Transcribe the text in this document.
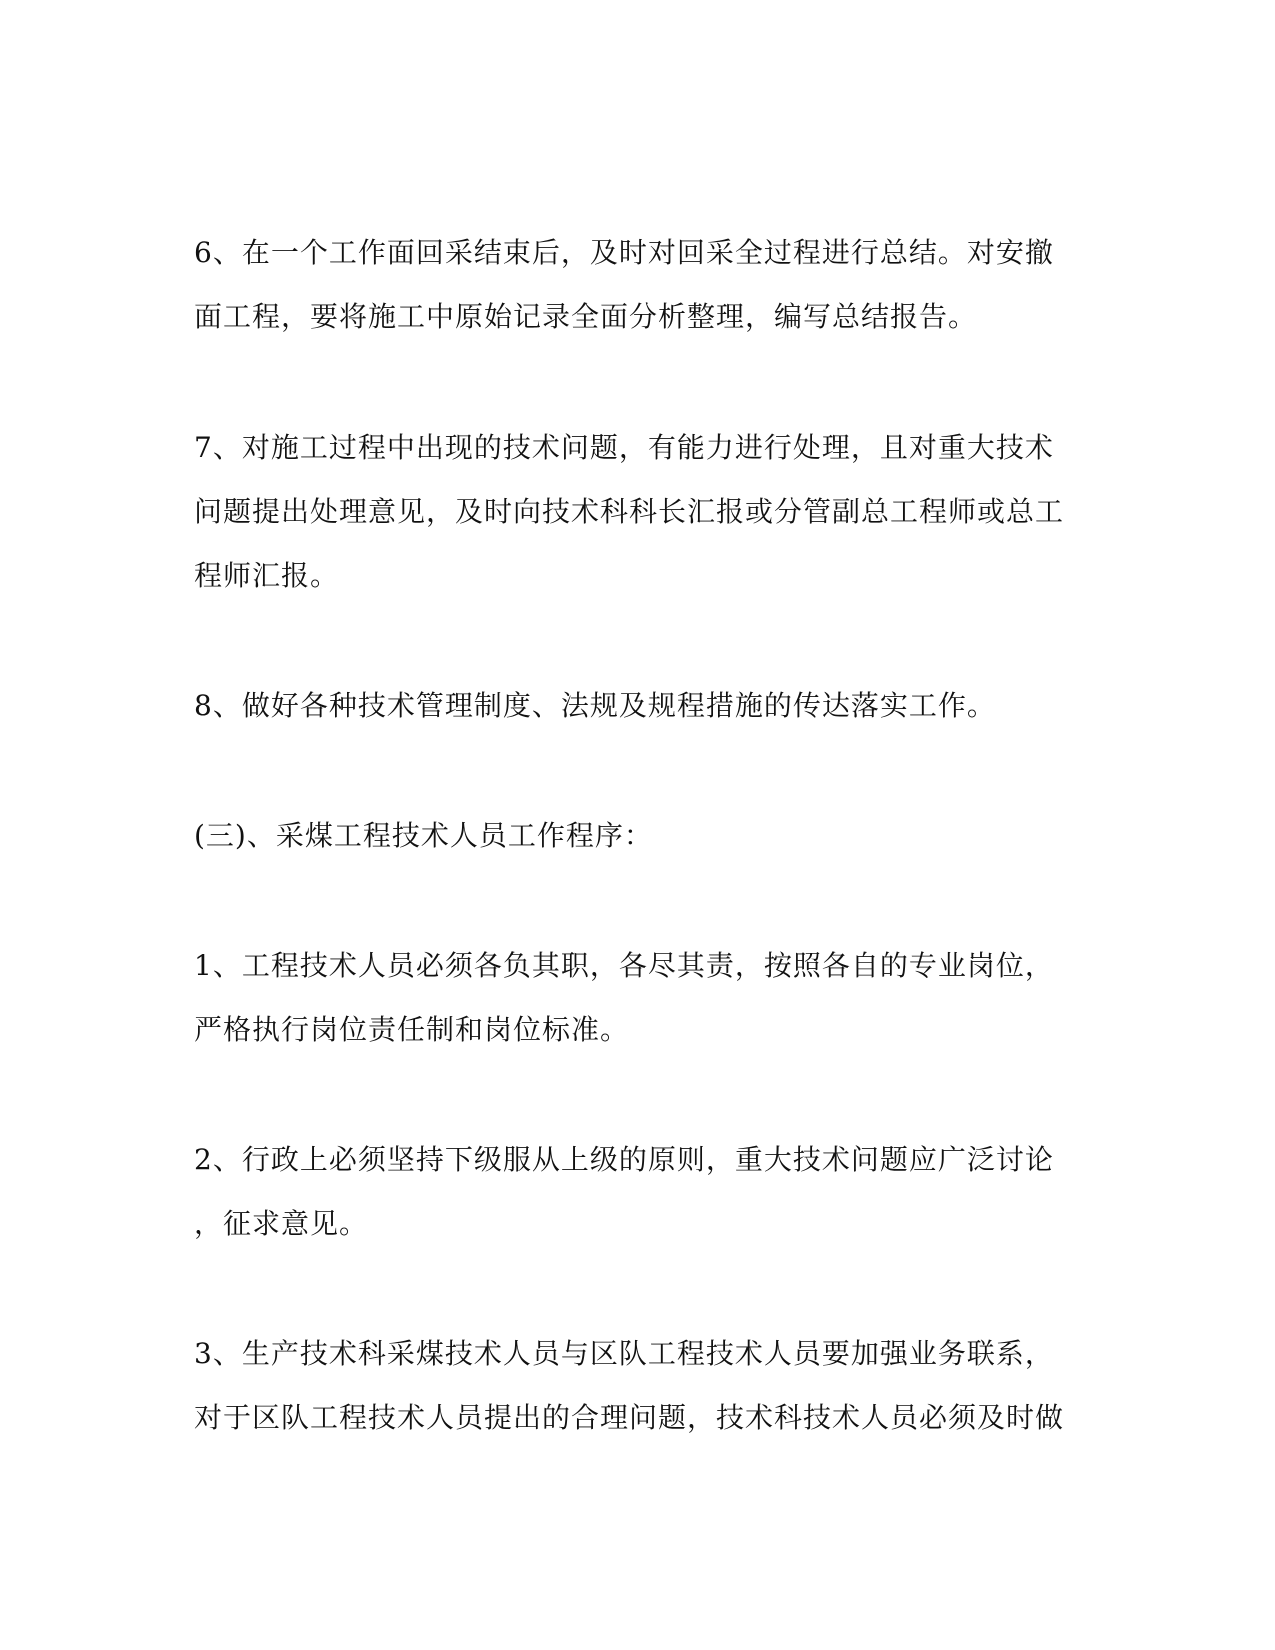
6、在一个工作面回采结束后，及时对回采全过程进行总结。对安撤
面工程，要将施工中原始记录全面分析整理，编写总结报告。
7、对施工过程中出现的技术问题，有能力进行处理，且对重大技术
问题提出处理意见，及时向技术科科长汇报或分管副总工程师或总工
程师汇报。
8、做好各种技术管理制度、法规及规程措施的传达落实工作。
(三)、采煤工程技术人员工作程序：
1、工程技术人员必须各负其职，各尽其责，按照各自的专业岗位，
严格执行岗位责任制和岗位标准。
2、行政上必须坚持下级服从上级的原则，重大技术问题应广泛讨论
，征求意见。
3、生产技术科采煤技术人员与区队工程技术人员要加强业务联系，
对于区队工程技术人员提出的合理问题，技术科技术人员必须及时做
